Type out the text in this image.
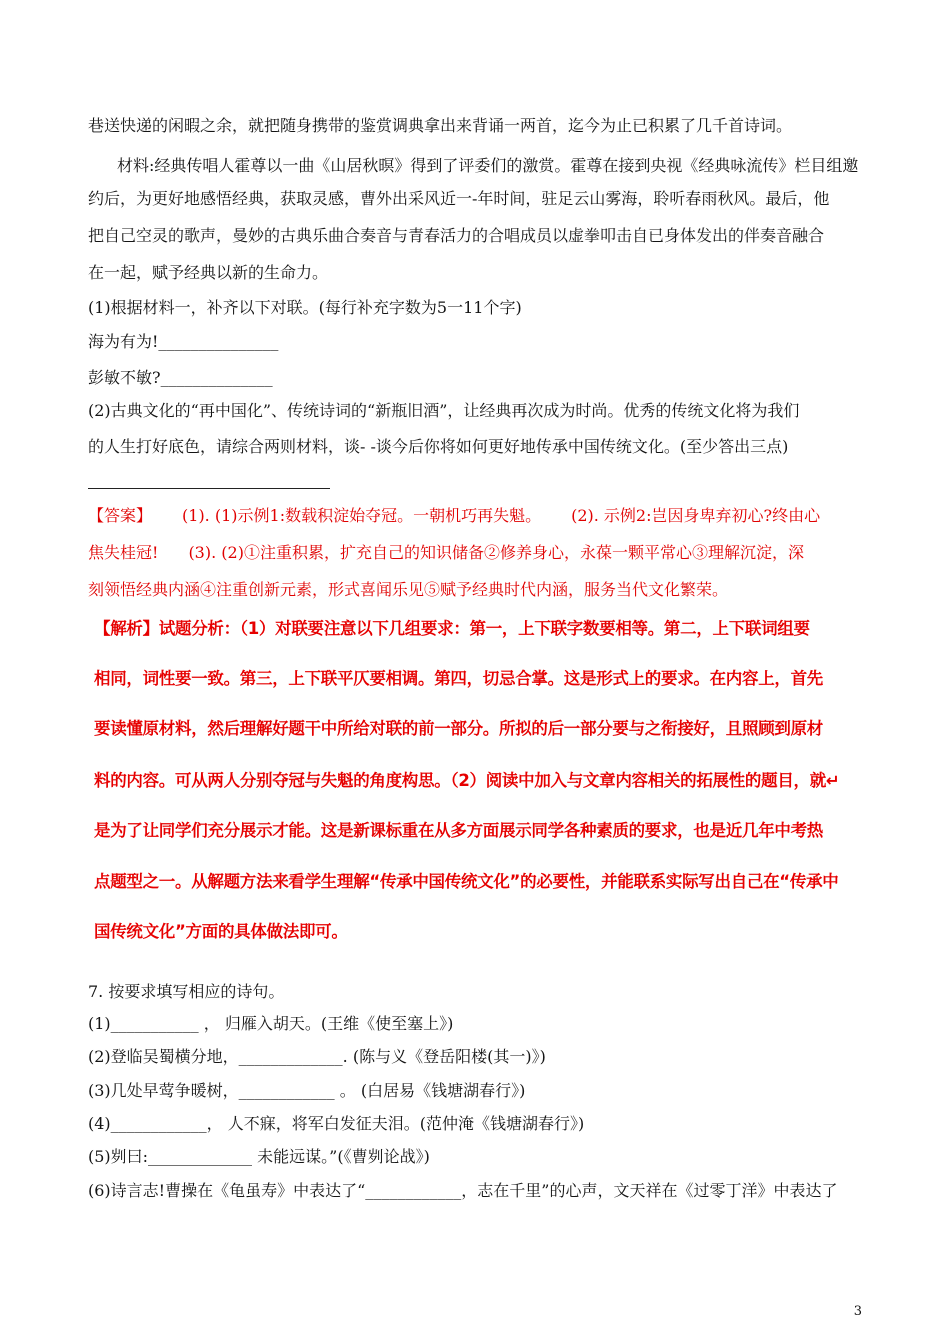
巷送快递的闲暇之余，就把随身携带的鉴赏调典拿出来背诵一两首，迄今为止已积累了几千首诗词。
材料:经典传唱人霍尊以一曲《山居秋暝》得到了评委们的激赏。霍尊在接到央视《经典咏流传》栏目组邀
约后，为更好地感悟经典，获取灵感，曹外出采风近一-年时间，驻足云山雾海，聆听春雨秋风。最后，他
把自己空灵的歌声，曼妙的古典乐曲合奏音与青春活力的合唱成员以虚拳叩击自已身体发出的伴奏音融合
在一起，赋予经典以新的生命力。
(1)根据材料一，补齐以下对联。(每行补充字数为5一11个字)
海为有为!_______________
彭敏不敏?______________
(2)古典文化的“再中国化”、传统诗词的“新瓶旧酒”，让经典再次成为时尚。优秀的传统文化将为我们
的人生打好底色，请综合两则材料，谈- -谈今后你将如何更好地传承中国传统文化。(至少答出三点)
【答案】 (1). (1)示例1:数载积淀始夺冠。一朝机巧再失魁。 (2). 示例2:岂因身卑弃初心?终由心
焦失桂冠! (3). (2)①注重积累，扩充自己的知识储备②修养身心，永葆一颗平常心③理解沉淀，深
刻领悟经典内涵④注重创新元素，形式喜闻乐见⑤赋予经典时代内涵，服务当代文化繁荣。
【解析】试题分析：（1）对联要注意以下几组要求：第一，上下联字数要相等。第二，上下联词组要
相同，词性要一致。第三，上下联平仄要相调。第四，切忌合掌。这是形式上的要求。在内容上，首先
要读懂原材料，然后理解好题干中所给对联的前一部分。所拟的后一部分要与之衔接好，且照顾到原材
料的内容。可从两人分别夺冠与失魁的角度构思。（2）阅读中加入与文章内容相关的拓展性的题目，就↵
是为了让同学们充分展示才能。这是新课标重在从多方面展示同学各种素质的要求，也是近几年中考热
点题型之一。从解题方法来看学生理解“传承中国传统文化”的必要性，并能联系实际写出自己在“传承中
国传统文化”方面的具体做法即可。
7. 按要求填写相应的诗句。
(1)___________ ， 归雁入胡天。(王维《使至塞上》)
(2)登临吴蜀横分地，_____________. (陈与义《登岳阳楼(其一)》)
(3)几处早莺争暖树，____________ 。 (白居易《钱塘湖春行》)
(4)____________， 人不寐，将军白发征夫泪。(范仲淹《钱塘湖春行》)
(5)刿曰:_____________ 未能远谋。”(《曹刿论战》)
(6)诗言志!曹操在《龟虽寿》中表达了“____________，志在千里”的心声，文天祥在《过零丁洋》中表达了
3
